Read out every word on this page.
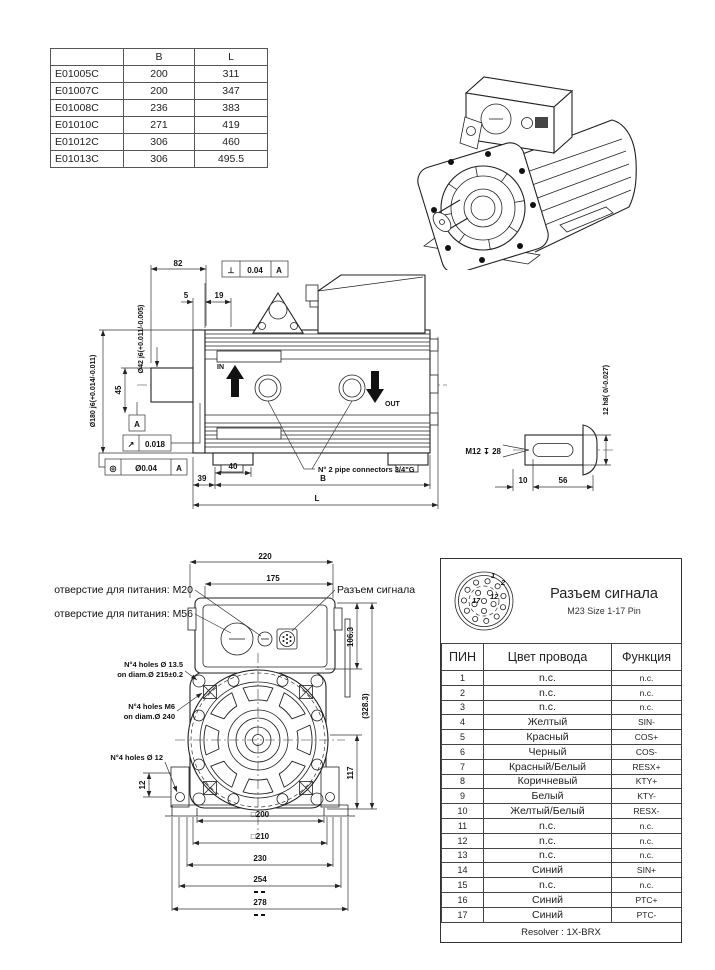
	B	L
E01005C	200	311
E01007C	200	347
E01008C	236	383
E01010C	271	419
E01012C	306	460
E01013C	306	495.5
IN
OUT
N° 2 pipe connectors 3/4"G
82
⊥ 0.04 A
5	19
Ø42 j6(+0.011/-0.005)
Ø180 j6(+0.014/-0.011) 45
A
↗ 0.018
◎ Ø0.04 A	40
39	B
L
M12 ↧ 28
10	56
12 h8( 0/-0.027)
220
175
отверстие для питания: M20
отверстие для питания: M56
Разъем сигнала
N°4 holes Ø 13.5
on diam.Ø 215±0.2
N°4 holes M6
on diam.Ø 240
N°4 holes Ø 12
12
□200
□210
230
254
278
106.3
(328.3)
117
1
2
12
17	Разъем сигнала
M23 Size 1-17 Pin
ПИН	Цвет провода	Функция
1	n.c.	n.c.
2	n.c.	n.c.
3	n.c.	n.c.
4	Желтый	SIN-
5	Красный	COS+
6	Черный	COS-
7	Красный/Белый	RESX+
8	Коричневый	KTY+
9	Белый	KTY-
10	Желтый/Белый	RESX-
11	n.c.	n.c.
12	n.c.	n.c.
13	n.c.	n.c.
14	Синий	SIN+
15	n.c.	n.c.
16	Синий	PTC+
17	Синий	PTC-
Resolver : 1X-BRX
